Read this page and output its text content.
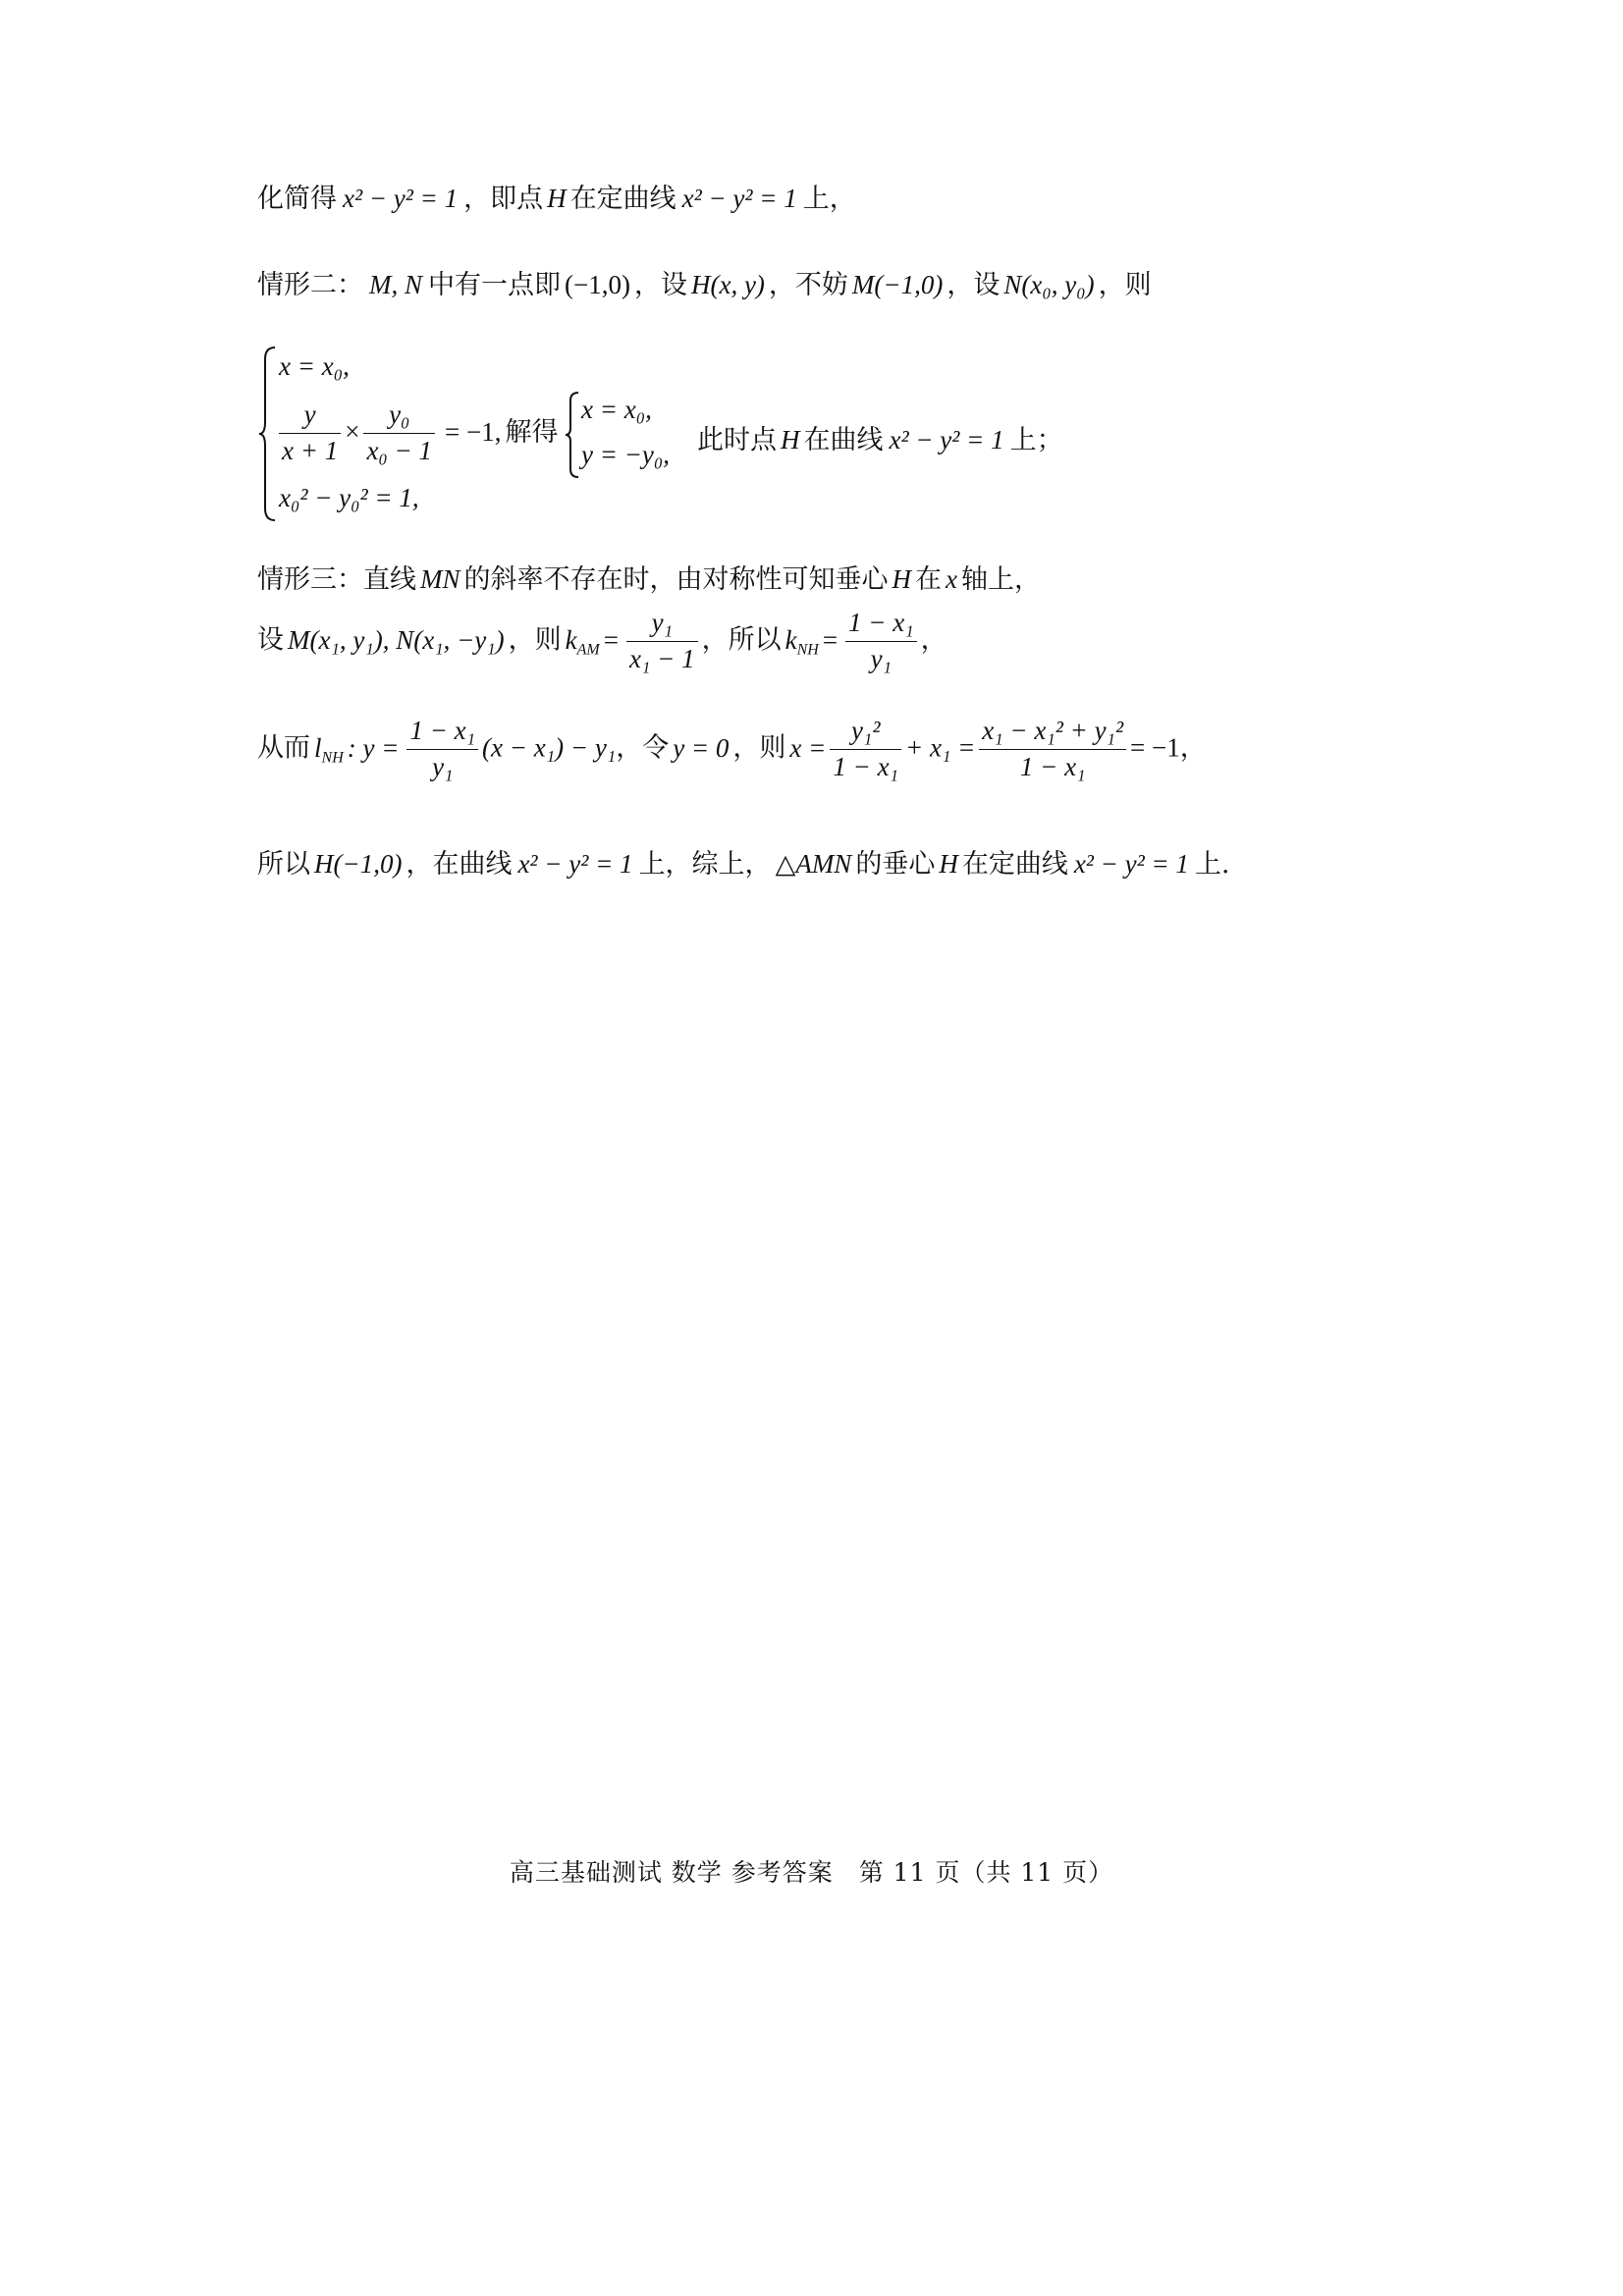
化简得 x² − y² = 1 ，即点 H 在定曲线 x² − y² = 1 上，
情形二： M, N 中有一点即 (−1,0) ，设 H(x, y) ，不妨 M(−1,0) ，设 N(x₀, y₀) ，则
x = x₀,
$\frac{y}{x + 1} \times \frac{\text{y₀}}{\text{x₀ − 1}} = -1$, 解得
x = x₀,
y = −y₀, 此时点 H 在曲线 x² − y² = 1 上；
x₀² − y₀² = 1,
情形三：直线 MN 的斜率不存在时，由对称性可知垂心 H 在 x 轴上，
设 M(x₁, y₁), N(x₁, −y₁) ，则 $k_{AM} = \frac{\text{y₁}}{\text{x₁ − 1}}$ ，所以 $k_{NH} = \frac{\text{1 − x₁}}{\text{y₁}}$ ，
从而 $l_{NH}$ : $y = \frac{\text{1 − x₁}}{\text{y₁}} (x - x_1) - y_1$，令 y = 0 ，则 $x = \frac{\text{y₁²}}{\text{1 − x₁}} + x_1 = \frac{\text{x₁ − x₁² + y₁²}}{\text{1 − x₁}} = -1$，
所以 H(−1,0) ，在曲线 x² − y² = 1 上，综上， △AMN 的垂心 H 在定曲线 x² − y² = 1 上.
高三基础测试 数学 参考答案　第 11 页（共 11 页）
